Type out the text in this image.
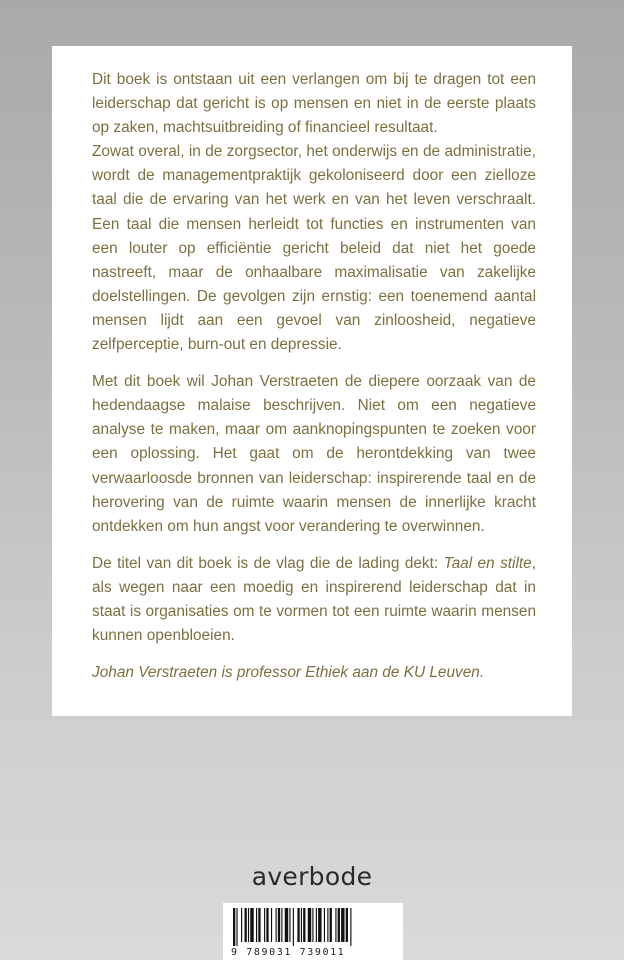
Dit boek is ontstaan uit een verlangen om bij te dragen tot een leiderschap dat gericht is op mensen en niet in de eerste plaats op zaken, machtsuitbreiding of financieel resultaat.

Zowat overal, in de zorgsector, het onderwijs en de administratie, wordt de managementpraktijk gekoloniseerd door een zielloze taal die de ervaring van het werk en van het leven verschraalt. Een taal die mensen herleidt tot functies en instrumenten van een louter op efficiëntie gericht beleid dat niet het goede nastreeft, maar de onhaalbare maximalisatie van zakelijke doelstellingen. De gevolgen zijn ernstig: een toenemend aantal mensen lijdt aan een gevoel van zinloosheid, negatieve zelfperceptie, burn-out en depressie.

Met dit boek wil Johan Verstraeten de diepere oorzaak van de hedendaagse malaise beschrijven. Niet om een negatieve analyse te maken, maar om aanknopingspunten te zoeken voor een oplossing. Het gaat om de herontdekking van twee verwaarloosde bronnen van leiderschap: inspirerende taal en de herovering van de ruimte waarin mensen de innerlijke kracht ontdekken om hun angst voor verandering te overwinnen.

De titel van dit boek is de vlag die de lading dekt: Taal en stilte, als wegen naar een moedig en inspirerend leiderschap dat in staat is organisaties om te vormen tot een ruimte waarin mensen kunnen openbloeien.

Johan Verstraeten is professor Ethiek aan de KU Leuven.

averbode
9 789031 739011
